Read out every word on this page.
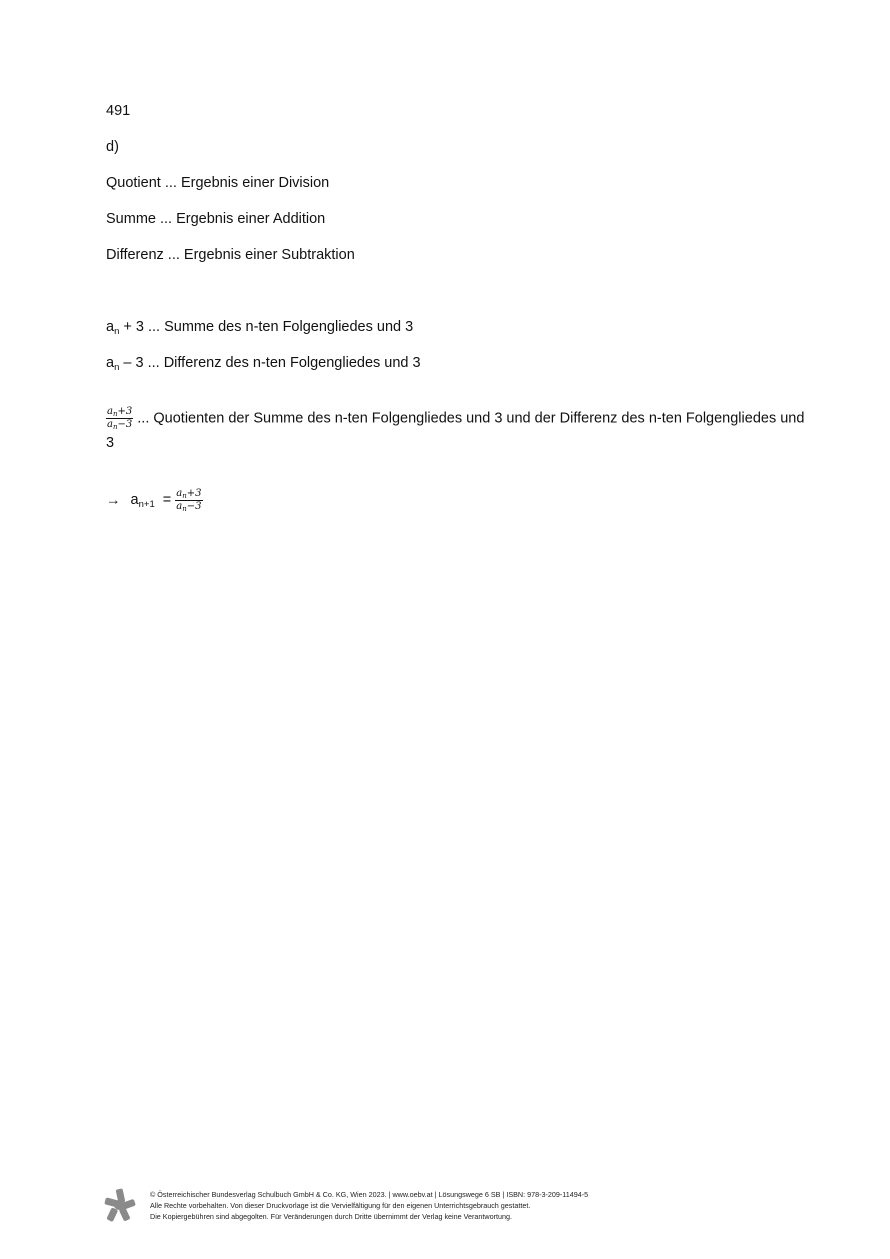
491
d)
Quotient ... Ergebnis einer Division
Summe ... Ergebnis einer Addition
Differenz ... Ergebnis einer Subtraktion
$a_n + 3$ ... Summe des n-ten Folgengliedes und 3
$a_n - 3$ ... Differenz des n-ten Folgengliedes und 3
$\frac{a_n+3}{a_n-3}$ ... Quotienten der Summe des n-ten Folgengliedes und 3 und der Differenz des n-ten Folgengliedes und 3
→ $a_{n+1} = \frac{a_n+3}{a_n-3}$
© Österreichischer Bundesverlag Schulbuch GmbH & Co. KG, Wien 2023. | www.oebv.at | Lösungswege 6 SB | ISBN: 978-3-209-11494-5
Alle Rechte vorbehalten. Von dieser Druckvorlage ist die Vervielfältigung für den eigenen Unterrichtsgebrauch gestattet.
Die Kopiergebühren sind abgegolten. Für Veränderungen durch Dritte übernimmt der Verlag keine Verantwortung.
